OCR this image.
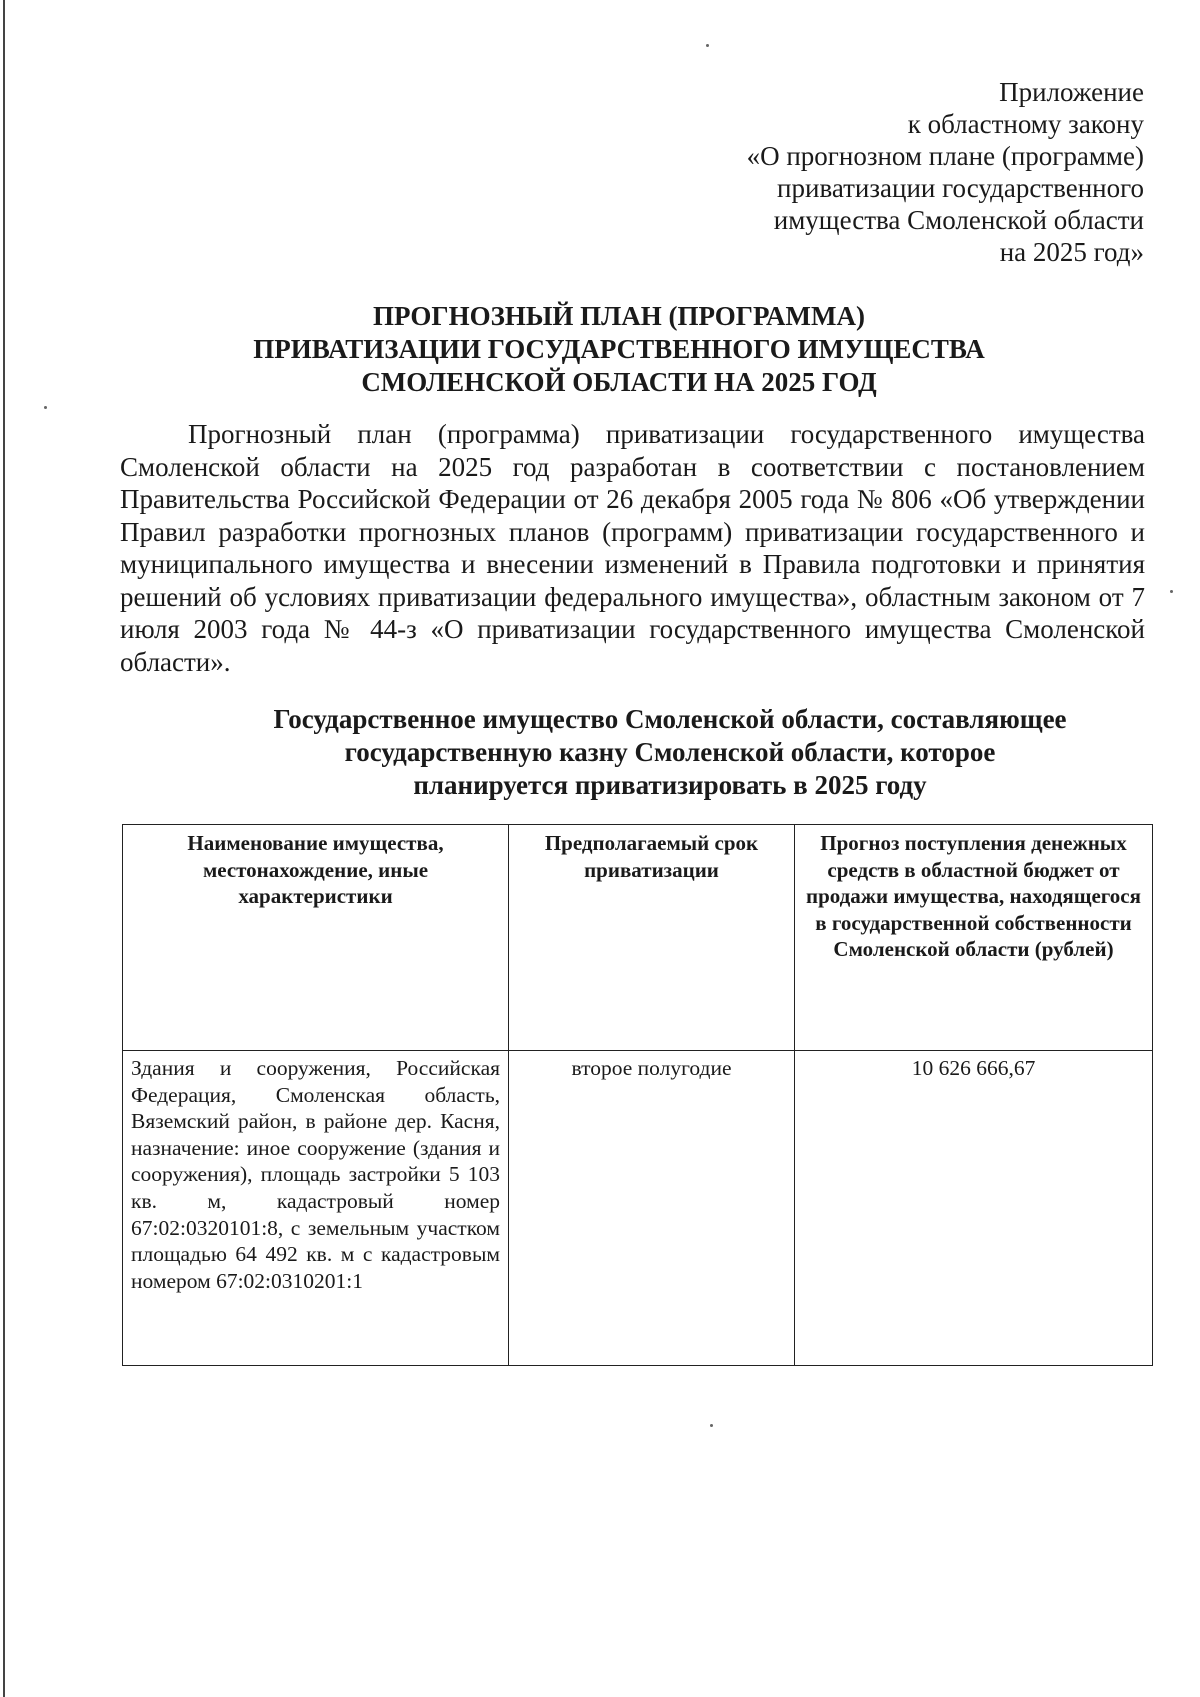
Приложение
к областному закону
«О прогнозном плане (программе)
приватизации государственного
имущества Смоленской области
на 2025 год»
ПРОГНОЗНЫЙ ПЛАН (ПРОГРАММА)
ПРИВАТИЗАЦИИ ГОСУДАРСТВЕННОГО ИМУЩЕСТВА
СМОЛЕНСКОЙ ОБЛАСТИ НА 2025 ГОД

Прогнозный план (программа) приватизации государственного имущества Смоленской области на 2025 год разработан в соответствии с постановлением Правительства Российской Федерации от 26 декабря 2005 года № 806 «Об утверждении Правил разработки прогнозных планов (программ) приватизации государственного и муниципального имущества и внесении изменений в Правила подготовки и принятия решений об условиях приватизации федерального имущества», областным законом от 7 июля 2003 года № 44-з «О приватизации государственного имущества Смоленской области».

Государственное имущество Смоленской области, составляющее
государственную казну Смоленской области, которое
планируется приватизировать в 2025 году
Наименование имущества, местонахождение, иные характеристики	Предполагаемый срок приватизации	Прогноз поступления денежных средств в областной бюджет от продажи имущества, находящегося в государственной собственности Смоленской области (рублей)
Здания и сооружения, Российская Федерация, Смоленская область, Вяземский район, в районе дер. Касня, назначение: иное сооружение (здания и сооружения), площадь застройки 5 103 кв. м, кадастровый номер 67:02:0320101:8, с земельным участком площадью 64 492 кв. м с кадастровым номером 67:02:0310201:1	второе полугодие	10 626 666,67
